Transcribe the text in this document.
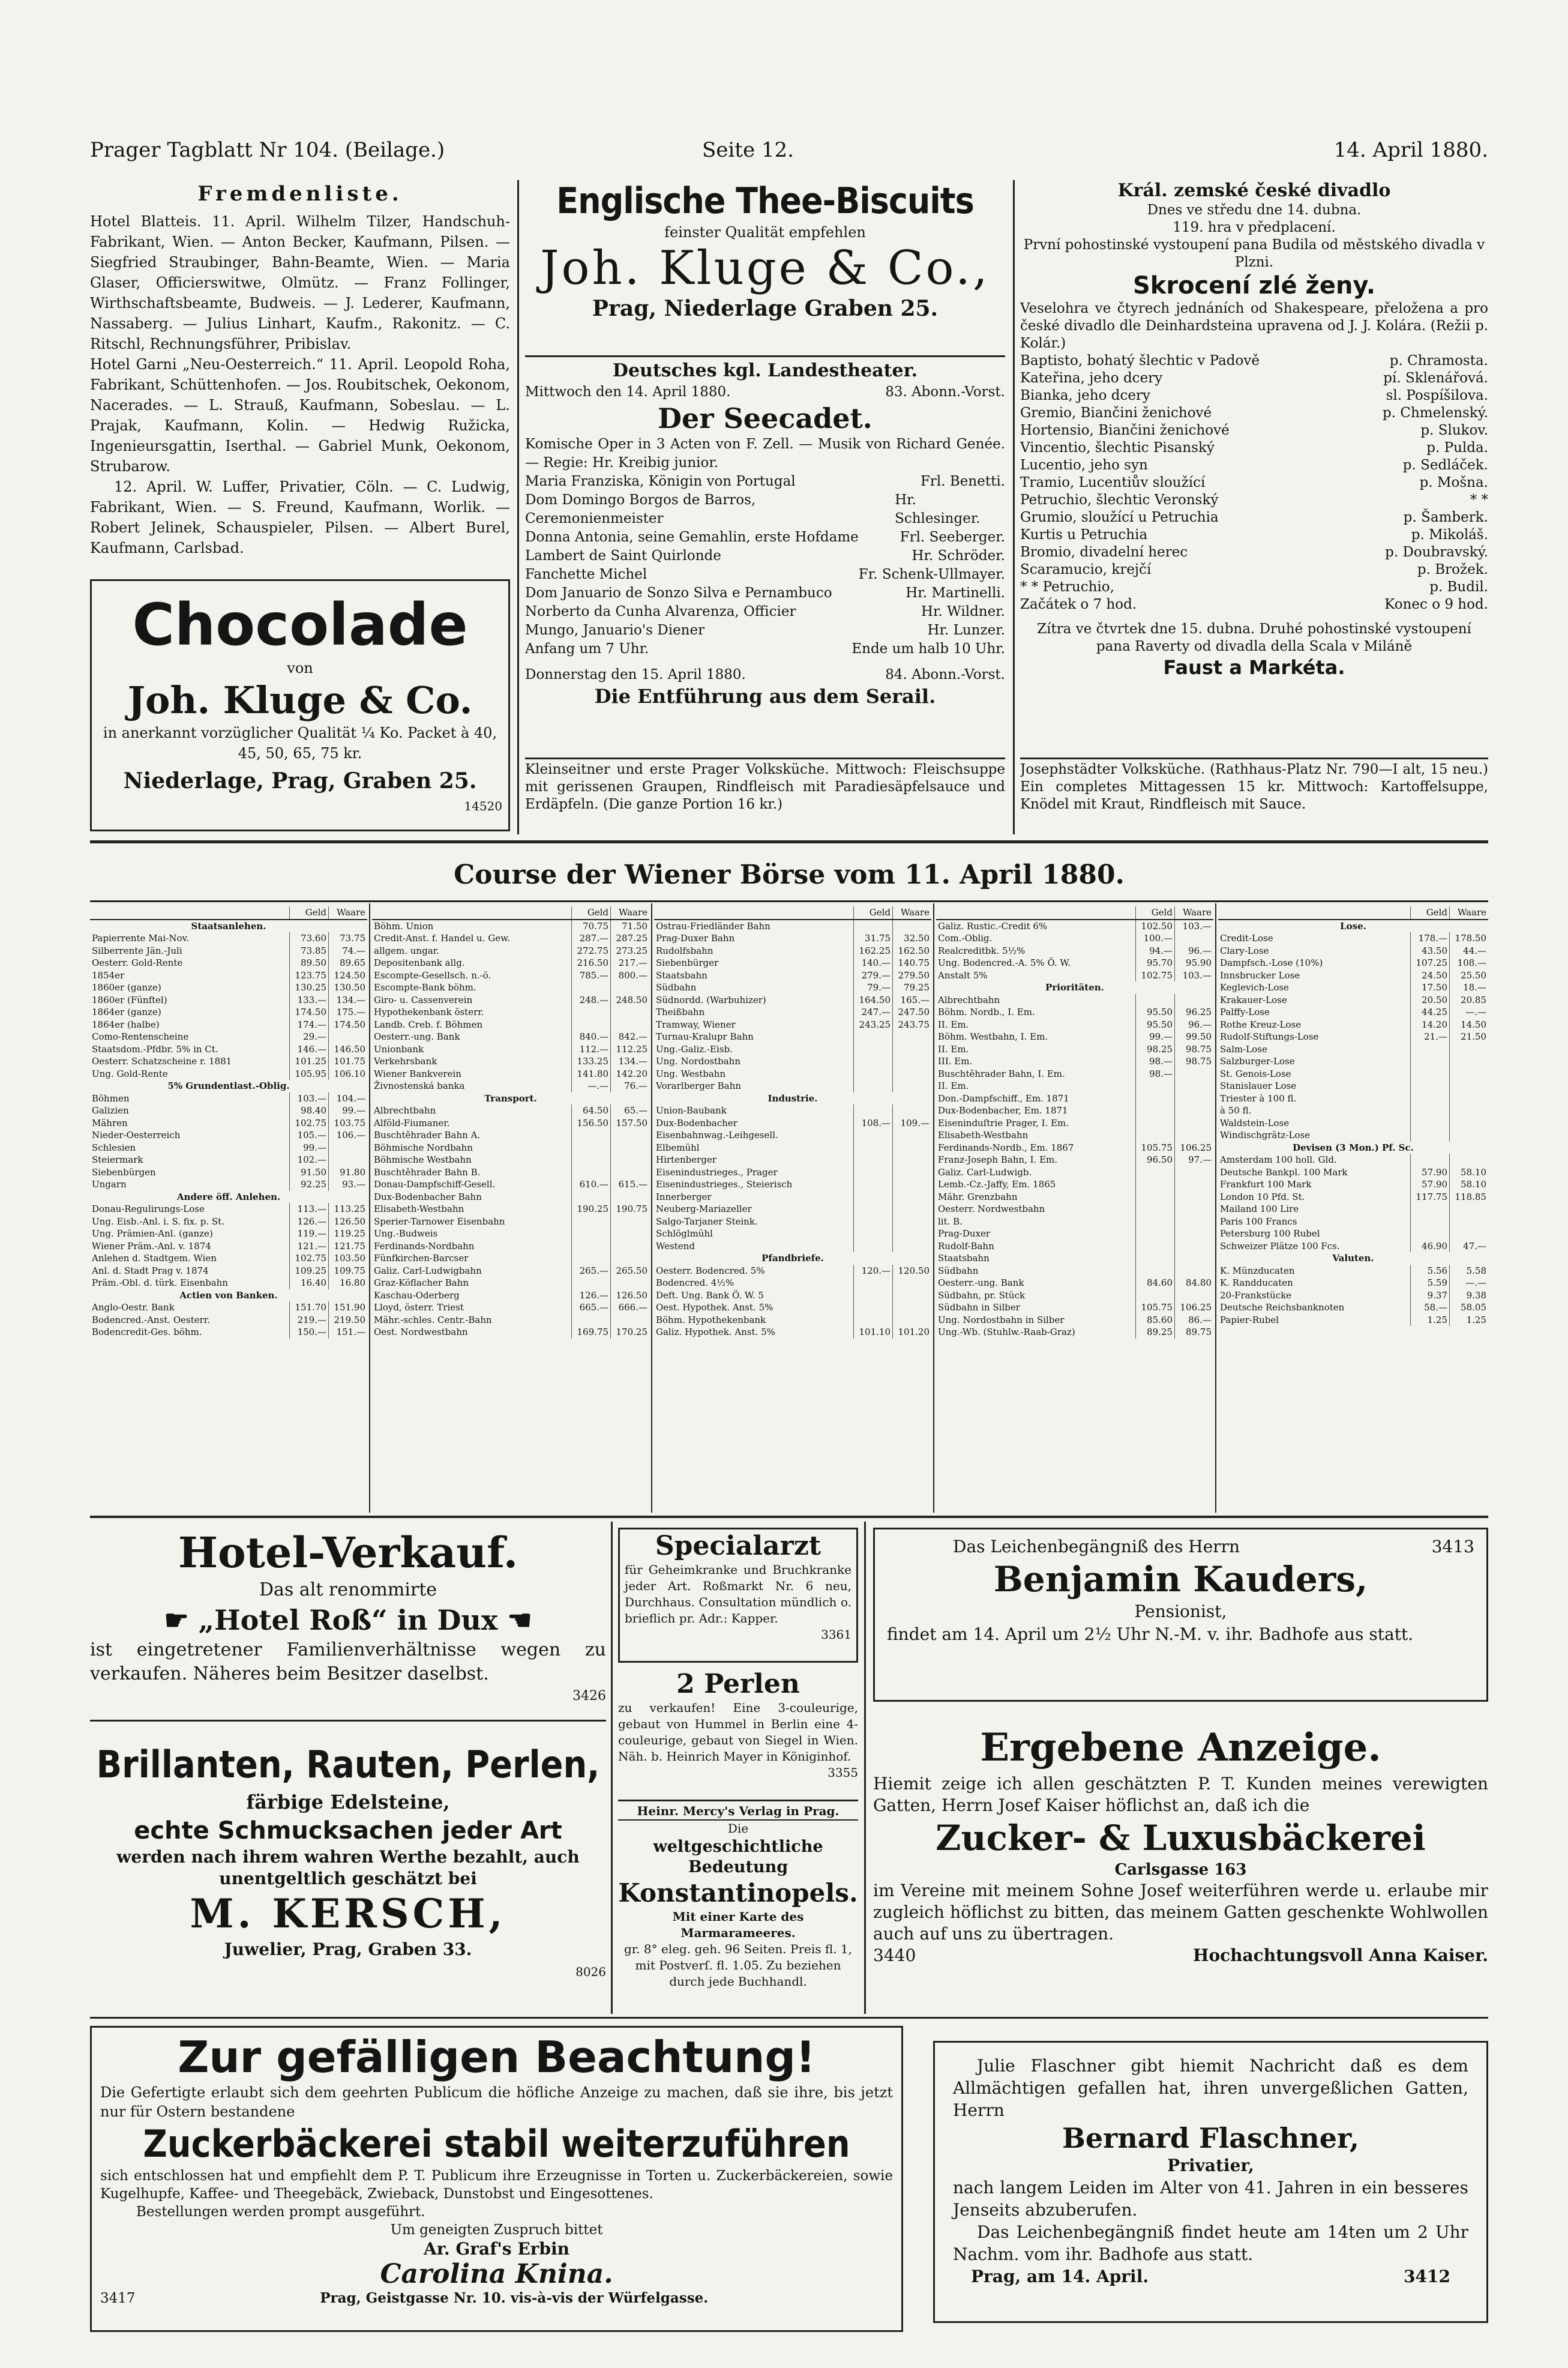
Prager Tagblatt Nr 104. (Beilage.)	Seite 12.	14. April 1880.

Fremdenliste.

Hotel Blatteis. 11. April. Wilhelm Tilzer, Handschuh-Fabrikant, Wien. — Anton Becker, Kaufmann, Pilsen. — Siegfried Straubinger, Bahn-Beamte, Wien. — Maria Glaser, Officierswitwe, Olmütz. — Franz Follinger, Wirthschaftsbeamte, Budweis. — J. Lederer, Kaufmann, Nassaberg. — Julius Linhart, Kaufm., Rakonitz. — C. Ritschl, Rechnungsführer, Pribislav.

Hotel Garni „Neu-Oesterreich.“ 11. April. Leopold Roha, Fabrikant, Schüttenhofen. — Jos. Roubitschek, Oekonom, Nacerades. — L. Strauß, Kaufmann, Sobeslau. — L. Prajak, Kaufmann, Kolin. — Hedwig Ružicka, Ingenieursgattin, Iserthal. — Gabriel Munk, Oekonom, Strubarow.

12. April. W. Luffer, Privatier, Cöln. — C. Ludwig, Fabrikant, Wien. — S. Freund, Kaufmann, Worlik. — Robert Jelinek, Schauspieler, Pilsen. — Albert Burel, Kaufmann, Carlsbad.

Chocolade

von

Joh. Kluge & Co.

in anerkannt vorzüglicher Qualität ¼ Ko. Packet à 40, 45, 50, 65, 75 kr.

Niederlage, Prag, Graben 25.

14520

Englische Thee-Biscuits

feinster Qualität empfehlen

Joh. Kluge & Co.,

Prag, Niederlage Graben 25.

Deutsches kgl. Landestheater.

Mittwoch den 14. April 1880.	83. Abonn.-Vorst.

Der Seecadet.

Komische Oper in 3 Acten von F. Zell. — Musik von Richard Genée. — Regie: Hr. Kreibig junior.

Maria Franziska, Königin von Portugal	Frl. Benetti.

Dom Domingo Borgos de Barros, Ceremonienmeister
Hr. Schlesinger.

Donna Antonia, seine Gemahlin, erste Hofdame	Frl. Seeberger.

Lambert de Saint Quirlonde	Hr. Schröder.

Fanchette Michel	Fr. Schenk-Ullmayer.

Dom Januario de Sonzo Silva e Pernambuco	Hr. Martinelli.

Norberto da Cunha Alvarenza, Officier	Hr. Wildner.

Mungo, Januario's Diener	Hr. Lunzer.

Anfang um 7 Uhr.	Ende um halb 10 Uhr.

Donnerstag den 15. April 1880.	84. Abonn.-Vorst.

Die Entführung aus dem Serail.

Kleinseitner und erste Prager Volksküche. Mittwoch: Fleischsuppe mit gerissenen Graupen, Rindfleisch mit Paradiesäpfelsauce und Erdäpfeln. (Die ganze Portion 16 kr.)

Král. zemské české divadlo

Dnes ve středu dne 14. dubna.

119. hra v předplacení.

První pohostinské vystoupení pana Budila od městského divadla v Plzni.

Skrocení zlé ženy.

Veselohra ve čtyrech jednáních od Shakespeare, přeložena a pro české divadlo dle Deinhardsteina upravena od J. J. Kolára. (Režii p. Kolár.)

Baptisto, bohatý šlechtic v Padově	p. Chramosta.

Kateřina, jeho dcery	pí. Sklenářová.

Bianka, jeho dcery	sl. Pospíšilova.

Gremio, Biančini ženichové	p. Chmelenský.

Hortensio, Biančini ženichové	p. Slukov.

Vincentio, šlechtic Pisanský	p. Pulda.

Lucentio, jeho syn	p. Sedláček.

Tramio, Lucentiův sloužící	p. Mošna.

Petruchio, šlechtic Veronský	* *

Grumio, sloužící u Petruchia	p. Šamberk.

Kurtis u Petruchia	p. Mikoláš.

Bromio, divadelní herec	p. Doubravský.

Scaramucio, krejčí	p. Brožek.

* * Petruchio,	p. Budil.

Začátek o 7 hod.	Konec o 9 hod.

Zítra ve čtvrtek dne 15. dubna. Druhé pohostinské vystoupení pana Raverty od divadla della Scala v Miláně

Faust a Markéta.

Josephstädter Volksküche. (Rathhaus-Platz Nr. 790—I alt, 15 neu.) Ein completes Mittagessen 15 kr. Mittwoch: Kartoffelsuppe, Knödel mit Kraut, Rindfleisch mit Sauce.
Course der Wiener Börse vom 11. April 1880.
	Geld	Waare
Staatsanlehen.		
Papierrente Mai-Nov.	73.60	73.75
Silberrente Jän.-Juli	73.85	74.—
Oesterr. Gold-Rente	89.50	89.65
1854er	123.75	124.50
1860er (ganze)	130.25	130.50
1860er (Fünftel)	133.—	134.—
1864er (ganze)	174.50	175.—
1864er (halbe)	174.—	174.50
Como-Rentenscheine	29.—	
Staatsdom.-Pfdbr. 5% in Ct.	146.—	146.50
Oesterr. Schatzscheine r. 1881	101.25	101.75
Ung. Gold-Rente	105.95	106.10
5% Grundentlast.-Oblig.		
Böhmen	103.—	104.—
Galizien	98.40	99.—
Mähren	102.75	103.75
Nieder-Oesterreich	105.—	106.—
Schlesien	99.—	
Steiermark	102.—	
Siebenbürgen	91.50	91.80
Ungarn	92.25	93.—
Andere öff. Anlehen.		
Donau-Regulirungs-Lose	113.—	113.25
Ung. Eisb.-Anl. i. S. fix. p. St.	126.—	126.50
Ung. Prämien-Anl. (ganze)	119.—	119.25
Wiener Präm.-Anl. v. 1874	121.—	121.75
Anlehen d. Stadtgem. Wien	102.75	103.50
Anl. d. Stadt Prag v. 1874	109.25	109.75
Präm.-Obl. d. türk. Eisenbahn	16.40	16.80
Actien von Banken.		
Anglo-Oestr. Bank	151.70	151.90
Bodencred.-Anst. Oesterr.	219.—	219.50
Bodencredit-Ges. böhm.	150.—	151.—
	Geld	Waare
Böhm. Union	70.75	71.50
Credit-Anst. f. Handel u. Gew.	287.—	287.25
allgem. ungar.	272.75	273.25
Depositenbank allg.	216.50	217.—
Escompte-Gesellsch. n.-ö.	785.—	800.—
Escompte-Bank böhm.		
Giro- u. Cassenverein	248.—	248.50
Hypothekenbank österr.		
Landb. Creb. f. Böhmen		
Oesterr.-ung. Bank	840.—	842.—
Unionbank	112.—	112.25
Verkehrsbank	133.25	134.—
Wiener Bankverein	141.80	142.20
Živnostenská banka	—.—	76.—
Transport.		
Albrechtbahn	64.50	65.—
Alföld-Fiumaner.	156.50	157.50
Buschtěhrader Bahn A.		
Böhmische Nordbahn		
Böhmische Westbahn		
Buschtěhrader Bahn B.		
Donau-Dampfschiff-Gesell.	610.—	615.—
Dux-Bodenbacher Bahn		
Elisabeth-Westbahn	190.25	190.75
Sperier-Tarnower Eisenbahn		
Ung.-Budweis		
Ferdinands-Nordbahn		
Fünfkirchen-Barcser		
Galiz. Carl-Ludwigbahn	265.—	265.50
Graz-Köflacher Bahn		
Kaschau-Oderberg	126.—	126.50
Lloyd, österr. Triest	665.—	666.—
Mähr.-schles. Centr.-Bahn		
Oest. Nordwestbahn	169.75	170.25
	Geld	Waare
Ostrau-Friedländer Bahn		
Prag-Duxer Bahn	31.75	32.50
Rudolfsbahn	162.25	162.50
Siebenbürger	140.—	140.75
Staatsbahn	279.—	279.50
Südbahn	79.—	79.25
Südnordd. (Warbuhizer)	164.50	165.—
Theißbahn	247.—	247.50
Tramway, Wiener	243.25	243.75
Turnau-Kralupr Bahn		
Ung.-Galiz.-Eisb.		
Ung. Nordostbahn		
Ung. Westbahn		
Vorarlberger Bahn		
Industrie.		
Union-Baubank		
Dux-Bodenbacher	108.—	109.—
Eisenbahnwag.-Leihgesell.		
Elbemühl		
Hirtenberger		
Eisenindustrieges., Prager		
Eisenindustrieges., Steierisch		
Innerberger		
Neuberg-Mariazeller		
Salgo-Tarjaner Steink.		
Schlöglmühl		
Westend		
Pfandbriefe.		
Oesterr. Bodencred. 5%	120.—	120.50
Bodencred. 4½%		
Deft. Ung. Bank Ö. W. 5		
Oest. Hypothek. Anst. 5%		
Böhm. Hypothekenbank		
Galiz. Hypothek. Anst. 5%	101.10	101.20
	Geld	Waare
Galiz. Rustic.-Credit 6%	102.50	103.—
Com.-Oblig.	100.—	
Realcreditbk. 5½%	94.—	96.—
Ung. Bodencred.-A. 5% Ö. W.	95.70	95.90
Anstalt 5%	102.75	103.—
Prioritäten.		
Albrechtbahn		
Böhm. Nordb., I. Em.	95.50	96.25
II. Em.	95.50	96.—
Böhm. Westbahn, I. Em.	99.—	99.50
II. Em.	98.25	98.75
III. Em.	98.—	98.75
Buschtěhrader Bahn, I. Em.	98.—	
II. Em.		
Don.-Dampfschiff., Em. 1871		
Dux-Bodenbacher, Em. 1871		
Eiseninduſtrie Prager, I. Em.		
Elisabeth-Westbahn		
Ferdinands-Nordb., Em. 1867	105.75	106.25
Franz-Joseph Bahn, I. Em.	96.50	97.—
Galiz. Carl-Ludwigb.		
Lemb.-Cz.-Jaffy, Em. 1865		
Mähr. Grenzbahn		
Oesterr. Nordwestbahn		
lit. B.		
Prag-Duxer		
Rudolf-Bahn		
Staatsbahn		
Südbahn		
Oesterr.-ung. Bank	84.60	84.80
Südbahn, pr. Stück		
Südbahn in Silber	105.75	106.25
Ung. Nordostbahn in Silber	85.60	86.—
Ung.-Wb. (Stuhlw.-Raab-Graz)	89.25	89.75
	Geld	Waare
Lose.		
Credit-Lose	178.—	178.50
Clary-Lose	43.50	44.—
Dampfsch.-Lose (10%)	107.25	108.—
Innsbrucker Lose	24.50	25.50
Keglevich-Lose	17.50	18.—
Krakauer-Lose	20.50	20.85
Palffy-Lose	44.25	—.—
Rothe Kreuz-Lose	14.20	14.50
Rudolf-Stiftungs-Lose	21.—	21.50
Salm-Lose		
Salzburger-Lose		
St. Genois-Lose		
Stanislauer Lose		
Triester à 100 fl.		
à 50 fl.		
Waldstein-Lose		
Windischgrätz-Lose		
Devisen (3 Mon.) Pf. Sc.		
Amsterdam 100 holl. Gld.		
Deutsche Bankpl. 100 Mark	57.90	58.10
Frankfurt 100 Mark	57.90	58.10
London 10 Pfd. St.	117.75	118.85
Mailand 100 Lire		
Paris 100 Francs		
Petersburg 100 Rubel		
Schweizer Plätze 100 Fcs.	46.90	47.—
Valuten.		
K. Münzducaten	5.56	5.58
K. Randducaten	5.59	—.—
20-Frankstücke	9.37	9.38
Deutsche Reichsbanknoten	58.—	58.05
Papier-Rubel	1.25	1.25

Hotel-Verkauf.

Das alt renommirte

☛ „Hotel Roß“ in Dux ☚

ist eingetretener Familienverhältnisse wegen zu verkaufen. Näheres beim Besitzer daselbst.

3426

Brillanten, Rauten, Perlen,

färbige Edelsteine,

echte Schmucksachen jeder Art

werden nach ihrem wahren Werthe bezahlt, auch unentgeltlich geschätzt bei

M. KERSCH,

Juwelier, Prag, Graben 33.

8026

Specialarzt

für Geheimkranke und Bruchkranke jeder Art. Roßmarkt Nr. 6 neu, Durchhaus. Consultation mündlich o. brieflich pr. Adr.: Kapper.

3361

2 Perlen

zu verkaufen! Eine 3-couleurige, gebaut von Hummel in Berlin eine 4-couleurige, gebaut von Siegel in Wien. Näh. b. Heinrich Mayer in Königinhof.

3355

Heinr. Mercy's Verlag in Prag.

Die

weltgeschichtliche Bedeutung

Konstantinopels.

Mit einer Karte des Marmarameeres.

gr. 8° eleg. geh. 96 Seiten. Preis fl. 1, mit Postverſ. fl. 1.05. Zu beziehen durch jede Buchhandl.

Das Leichenbegängniß des Herrn	3413

Benjamin Kauders,

Pensionist,

findet am 14. April um 2½ Uhr N.-M. v. ihr. Badhofe aus statt.

Ergebene Anzeige.

Hiemit zeige ich allen geschätzten P. T. Kunden meines verewigten Gatten, Herrn Josef Kaiser höflichst an, daß ich die

Zucker- & Luxusbäckerei

Carlsgasse 163

im Vereine mit meinem Sohne Josef weiterführen werde u. erlaube mir zugleich höflichst zu bitten, das meinem Gatten geschenkte Wohlwollen auch auf uns zu übertragen.

3440	Hochachtungsvoll Anna Kaiser.

Zur gefälligen Beachtung!

Die Gefertigte erlaubt sich dem geehrten Publicum die höfliche Anzeige zu machen, daß sie ihre, bis jetzt nur für Ostern bestandene

Zuckerbäckerei stabil weiterzuführen

sich entschlossen hat und empfiehlt dem P. T. Publicum ihre Erzeugnisse in Torten u. Zuckerbäckereien, sowie Kugelhupfe, Kaffee- und Theegebäck, Zwieback, Dunstobst und Eingesottenes.

Bestellungen werden prompt ausgeführt.

Um geneigten Zuspruch bittet

Ar. Graf's Erbin

Carolina Knina.

3417	Prag, Geistgasse Nr. 10. vis-à-vis der Würfelgasse.

Julie Flaschner gibt hiemit Nachricht daß es dem Allmächtigen gefallen hat, ihren unvergeßlichen Gatten, Herrn

Bernard Flaschner,

Privatier,

nach langem Leiden im Alter von 41. Jahren in ein besseres Jenseits abzuberufen.

Das Leichenbegängniß findet heute am 14ten um 2 Uhr Nachm. vom ihr. Badhofe aus statt.

Prag, am 14. April.	3412
